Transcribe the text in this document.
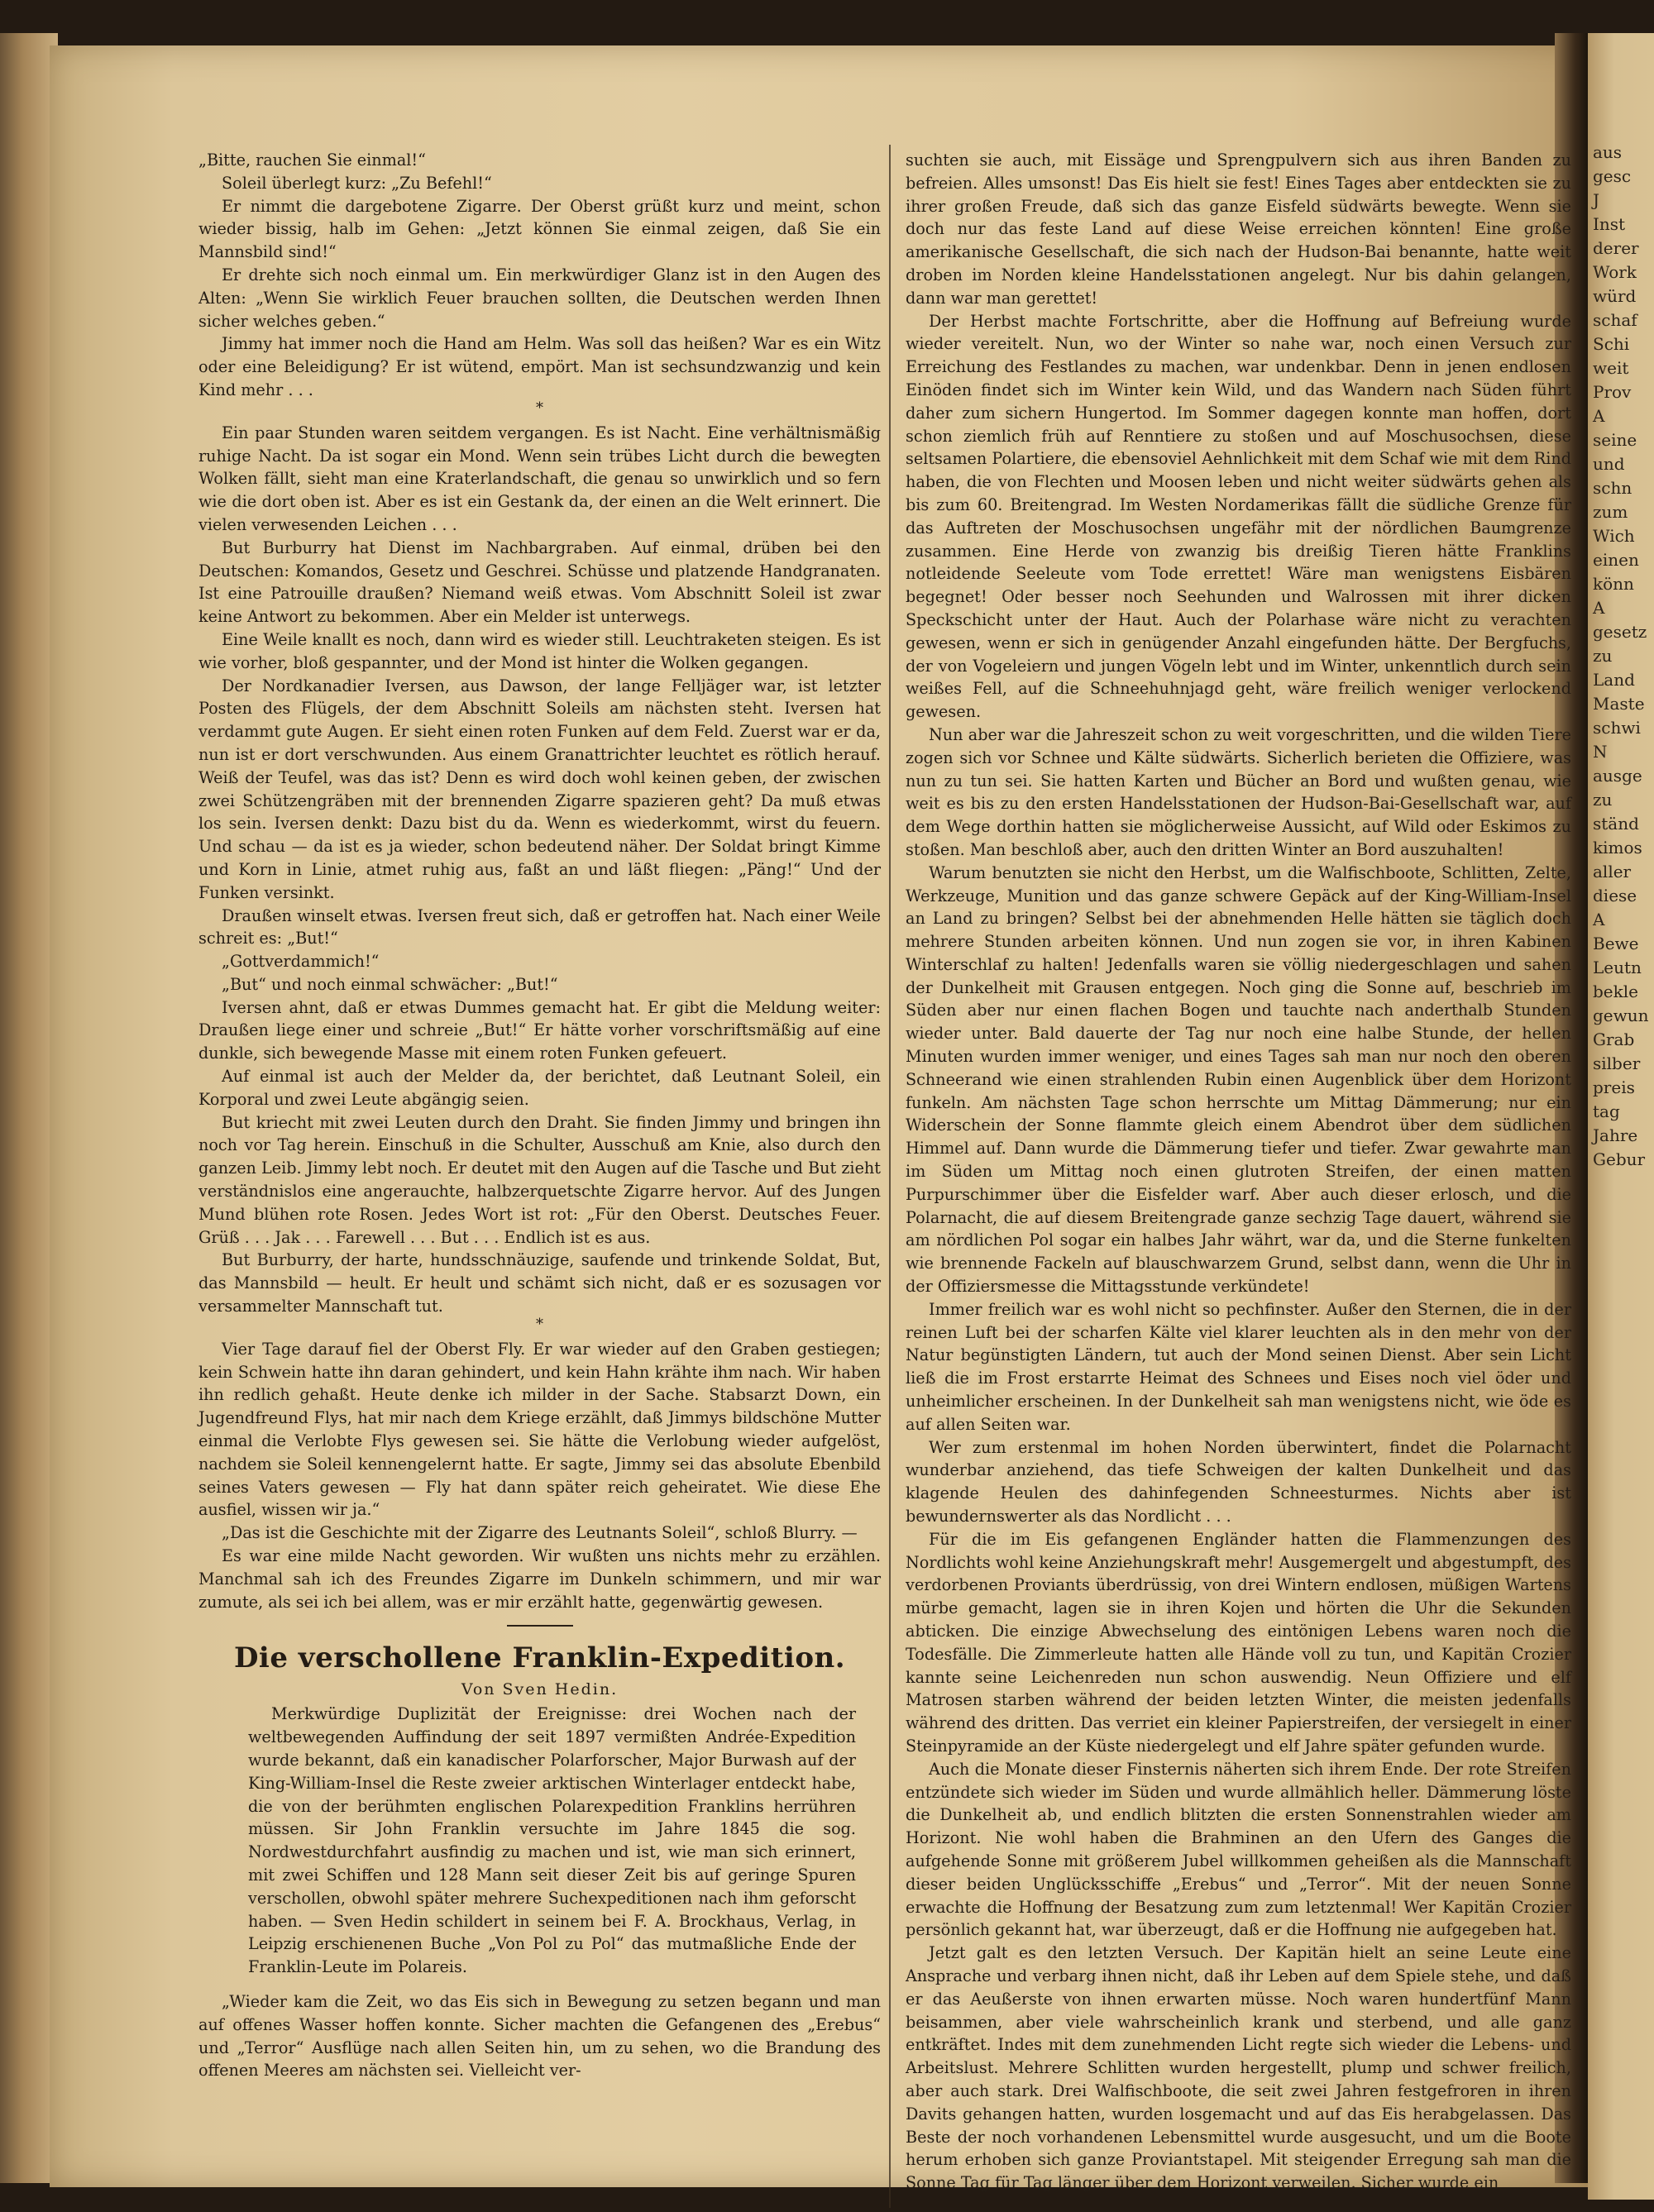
aus
gesc
J
Inst
derer
Work
würd
schaf
Schi
weit
Prov
A
seine
und
schn
zum
Wich
einen
könn
A
gesetz
zu
Land
Maste
schwi
N
ausge
zu
ständ
kimos
aller
diese
A
Bewe
Leutn
bekle
gewun
Grab
silber
preis
tag
Jahre
Gebur

„Bitte, rauchen Sie einmal!“

Soleil überlegt kurz: „Zu Befehl!“

Er nimmt die dargebotene Zigarre. Der Oberst grüßt kurz und meint, schon wieder bissig, halb im Gehen: „Jetzt können Sie einmal zeigen, daß Sie ein Mannsbild sind!“

Er drehte sich noch einmal um. Ein merkwürdiger Glanz ist in den Augen des Alten: „Wenn Sie wirklich Feuer brauchen sollten, die Deutschen werden Ihnen sicher welches geben.“

Jimmy hat immer noch die Hand am Helm. Was soll das heißen? War es ein Witz oder eine Beleidigung? Er ist wütend, empört. Man ist sechsundzwanzig und kein Kind mehr . . .

*

Ein paar Stunden waren seitdem vergangen. Es ist Nacht. Eine verhältnismäßig ruhige Nacht. Da ist sogar ein Mond. Wenn sein trübes Licht durch die bewegten Wolken fällt, sieht man eine Kraterlandschaft, die genau so unwirklich und so fern wie die dort oben ist. Aber es ist ein Gestank da, der einen an die Welt erinnert. Die vielen verwesenden Leichen . . .

But Burburry hat Dienst im Nachbargraben. Auf einmal, drüben bei den Deutschen: Komandos, Gesetz und Geschrei. Schüsse und platzende Handgranaten. Ist eine Patrouille draußen? Niemand weiß etwas. Vom Abschnitt Soleil ist zwar keine Antwort zu bekommen. Aber ein Melder ist unterwegs.

Eine Weile knallt es noch, dann wird es wieder still. Leuchtraketen steigen. Es ist wie vorher, bloß gespannter, und der Mond ist hinter die Wolken gegangen.

Der Nordkanadier Iversen, aus Dawson, der lange Felljäger war, ist letzter Posten des Flügels, der dem Abschnitt Soleils am nächsten steht. Iversen hat verdammt gute Augen. Er sieht einen roten Funken auf dem Feld. Zuerst war er da, nun ist er dort verschwunden. Aus einem Granattrichter leuchtet es rötlich herauf. Weiß der Teufel, was das ist? Denn es wird doch wohl keinen geben, der zwischen zwei Schützengräben mit der brennenden Zigarre spazieren geht? Da muß etwas los sein. Iversen denkt: Dazu bist du da. Wenn es wiederkommt, wirst du feuern. Und schau — da ist es ja wieder, schon bedeutend näher. Der Soldat bringt Kimme und Korn in Linie, atmet ruhig aus, faßt an und läßt fliegen: „Päng!“ Und der Funken versinkt.

Draußen winselt etwas. Iversen freut sich, daß er getroffen hat. Nach einer Weile schreit es: „But!“

„Gottverdammich!“

„But“ und noch einmal schwächer: „But!“

Iversen ahnt, daß er etwas Dummes gemacht hat. Er gibt die Meldung weiter: Draußen liege einer und schreie „But!“ Er hätte vorher vorschriftsmäßig auf eine dunkle, sich bewegende Masse mit einem roten Funken gefeuert.

Auf einmal ist auch der Melder da, der berichtet, daß Leutnant Soleil, ein Korporal und zwei Leute abgängig seien.

But kriecht mit zwei Leuten durch den Draht. Sie finden Jimmy und bringen ihn noch vor Tag herein. Einschuß in die Schulter, Ausschuß am Knie, also durch den ganzen Leib. Jimmy lebt noch. Er deutet mit den Augen auf die Tasche und But zieht verständnislos eine angerauchte, halbzerquetschte Zigarre hervor. Auf des Jungen Mund blühen rote Rosen. Jedes Wort ist rot: „Für den Oberst. Deutsches Feuer. Grüß . . . Jak . . . Farewell . . . But . . . Endlich ist es aus.

But Burburry, der harte, hundsschnäuzige, saufende und trinkende Soldat, But, das Mannsbild — heult. Er heult und schämt sich nicht, daß er es sozusagen vor versammelter Mannschaft tut.

*

Vier Tage darauf fiel der Oberst Fly. Er war wieder auf den Graben gestiegen; kein Schwein hatte ihn daran gehindert, und kein Hahn krähte ihm nach. Wir haben ihn redlich gehaßt. Heute denke ich milder in der Sache. Stabsarzt Down, ein Jugendfreund Flys, hat mir nach dem Kriege erzählt, daß Jimmys bildschöne Mutter einmal die Verlobte Flys gewesen sei. Sie hätte die Verlobung wieder aufgelöst, nachdem sie Soleil kennengelernt hatte. Er sagte, Jimmy sei das absolute Ebenbild seines Vaters gewesen — Fly hat dann später reich geheiratet. Wie diese Ehe ausfiel, wissen wir ja.“

„Das ist die Geschichte mit der Zigarre des Leutnants Soleil“, schloß Blurry. —

Es war eine milde Nacht geworden. Wir wußten uns nichts mehr zu erzählen. Manchmal sah ich des Freundes Zigarre im Dunkeln schimmern, und mir war zumute, als sei ich bei allem, was er mir erzählt hatte, gegenwärtig gewesen.

Die verschollene Franklin-Expedition.
Von Sven Hedin.

Merkwürdige Duplizität der Ereignisse: drei Wochen nach der weltbewegenden Auffindung der seit 1897 vermißten Andrée-Expedition wurde bekannt, daß ein kanadischer Polarforscher, Major Burwash auf der King-William-Insel die Reste zweier arktischen Winterlager entdeckt habe, die von der berühmten englischen Polarexpedition Franklins herrühren müssen. Sir John Franklin versuchte im Jahre 1845 die sog. Nordwestdurchfahrt ausfindig zu machen und ist, wie man sich erinnert, mit zwei Schiffen und 128 Mann seit dieser Zeit bis auf geringe Spuren verschollen, obwohl später mehrere Suchexpeditionen nach ihm geforscht haben. — Sven Hedin schildert in seinem bei F. A. Brockhaus, Verlag, in Leipzig erschienenen Buche „Von Pol zu Pol“ das mutmaßliche Ende der Franklin-Leute im Polareis.

„Wieder kam die Zeit, wo das Eis sich in Bewegung zu setzen begann und man auf offenes Wasser hoffen konnte. Sicher machten die Gefangenen des „Erebus“ und „Terror“ Ausflüge nach allen Seiten hin, um zu sehen, wo die Brandung des offenen Meeres am nächsten sei. Vielleicht ver-

suchten sie auch, mit Eissäge und Sprengpulvern sich aus ihren Banden zu befreien. Alles umsonst! Das Eis hielt sie fest! Eines Tages aber entdeckten sie zu ihrer großen Freude, daß sich das ganze Eisfeld südwärts bewegte. Wenn sie doch nur das feste Land auf diese Weise erreichen könnten! Eine große amerikanische Gesellschaft, die sich nach der Hudson-Bai benannte, hatte weit droben im Norden kleine Handelsstationen angelegt. Nur bis dahin gelangen, dann war man gerettet!

Der Herbst machte Fortschritte, aber die Hoffnung auf Befreiung wurde wieder vereitelt. Nun, wo der Winter so nahe war, noch einen Versuch zur Erreichung des Festlandes zu machen, war undenkbar. Denn in jenen endlosen Einöden findet sich im Winter kein Wild, und das Wandern nach Süden führt daher zum sichern Hungertod. Im Sommer dagegen konnte man hoffen, dort schon ziemlich früh auf Renntiere zu stoßen und auf Moschusochsen, diese seltsamen Polartiere, die ebensoviel Aehnlichkeit mit dem Schaf wie mit dem Rind haben, die von Flechten und Moosen leben und nicht weiter südwärts gehen als bis zum 60. Breitengrad. Im Westen Nordamerikas fällt die südliche Grenze für das Auftreten der Moschusochsen ungefähr mit der nördlichen Baumgrenze zusammen. Eine Herde von zwanzig bis dreißig Tieren hätte Franklins notleidende Seeleute vom Tode errettet! Wäre man wenigstens Eisbären begegnet! Oder besser noch Seehunden und Walrossen mit ihrer dicken Speckschicht unter der Haut. Auch der Polarhase wäre nicht zu verachten gewesen, wenn er sich in genügender Anzahl eingefunden hätte. Der Bergfuchs, der von Vogeleiern und jungen Vögeln lebt und im Winter, unkenntlich durch sein weißes Fell, auf die Schneehuhnjagd geht, wäre freilich weniger verlockend gewesen.

Nun aber war die Jahreszeit schon zu weit vorgeschritten, und die wilden Tiere zogen sich vor Schnee und Kälte südwärts. Sicherlich berieten die Offiziere, was nun zu tun sei. Sie hatten Karten und Bücher an Bord und wußten genau, wie weit es bis zu den ersten Handelsstationen der Hudson-Bai-Gesellschaft war, auf dem Wege dorthin hatten sie möglicherweise Aussicht, auf Wild oder Eskimos zu stoßen. Man beschloß aber, auch den dritten Winter an Bord auszuhalten!

Warum benutzten sie nicht den Herbst, um die Walfischboote, Schlitten, Zelte, Werkzeuge, Munition und das ganze schwere Gepäck auf der King-William-Insel an Land zu bringen? Selbst bei der abnehmenden Helle hätten sie täglich doch mehrere Stunden arbeiten können. Und nun zogen sie vor, in ihren Kabinen Winterschlaf zu halten! Jedenfalls waren sie völlig niedergeschlagen und sahen der Dunkelheit mit Grausen entgegen. Noch ging die Sonne auf, beschrieb im Süden aber nur einen flachen Bogen und tauchte nach anderthalb Stunden wieder unter. Bald dauerte der Tag nur noch eine halbe Stunde, der hellen Minuten wurden immer weniger, und eines Tages sah man nur noch den oberen Schneerand wie einen strahlenden Rubin einen Augenblick über dem Horizont funkeln. Am nächsten Tage schon herrschte um Mittag Dämmerung; nur ein Widerschein der Sonne flammte gleich einem Abendrot über dem südlichen Himmel auf. Dann wurde die Dämmerung tiefer und tiefer. Zwar gewahrte man im Süden um Mittag noch einen glutroten Streifen, der einen matten Purpurschimmer über die Eisfelder warf. Aber auch dieser erlosch, und die Polarnacht, die auf diesem Breitengrade ganze sechzig Tage dauert, während sie am nördlichen Pol sogar ein halbes Jahr währt, war da, und die Sterne funkelten wie brennende Fackeln auf blauschwarzem Grund, selbst dann, wenn die Uhr in der Offiziersmesse die Mittagsstunde verkündete!

Immer freilich war es wohl nicht so pechfinster. Außer den Sternen, die in der reinen Luft bei der scharfen Kälte viel klarer leuchten als in den mehr von der Natur begünstigten Ländern, tut auch der Mond seinen Dienst. Aber sein Licht ließ die im Frost erstarrte Heimat des Schnees und Eises noch viel öder und unheimlicher erscheinen. In der Dunkelheit sah man wenigstens nicht, wie öde es auf allen Seiten war.

Wer zum erstenmal im hohen Norden überwintert, findet die Polarnacht wunderbar anziehend, das tiefe Schweigen der kalten Dunkelheit und das klagende Heulen des dahinfegenden Schneesturmes. Nichts aber ist bewundernswerter als das Nordlicht . . .

Für die im Eis gefangenen Engländer hatten die Flammenzungen des Nordlichts wohl keine Anziehungskraft mehr! Ausgemergelt und abgestumpft, des verdorbenen Proviants überdrüssig, von drei Wintern endlosen, müßigen Wartens mürbe gemacht, lagen sie in ihren Kojen und hörten die Uhr die Sekunden abticken. Die einzige Abwechselung des eintönigen Lebens waren noch die Todesfälle. Die Zimmerleute hatten alle Hände voll zu tun, und Kapitän Crozier kannte seine Leichenreden nun schon auswendig. Neun Offiziere und elf Matrosen starben während der beiden letzten Winter, die meisten jedenfalls während des dritten. Das verriet ein kleiner Papierstreifen, der versiegelt in einer Steinpyramide an der Küste niedergelegt und elf Jahre später gefunden wurde.

Auch die Monate dieser Finsternis näherten sich ihrem Ende. Der rote Streifen entzündete sich wieder im Süden und wurde allmählich heller. Dämmerung löste die Dunkelheit ab, und endlich blitzten die ersten Sonnenstrahlen wieder am Horizont. Nie wohl haben die Brahminen an den Ufern des Ganges die aufgehende Sonne mit größerem Jubel willkommen geheißen als die Mannschaft dieser beiden Unglücksschiffe „Erebus“ und „Terror“. Mit der neuen Sonne erwachte die Hoffnung der Besatzung zum zum letztenmal! Wer Kapitän Crozier persönlich gekannt hat, war überzeugt, daß er die Hoffnung nie aufgegeben hat.

Jetzt galt es den letzten Versuch. Der Kapitän hielt an seine Leute eine Ansprache und verbarg ihnen nicht, daß ihr Leben auf dem Spiele stehe, und daß er das Aeußerste von ihnen erwarten müsse. Noch waren hundertfünf Mann beisammen, aber viele wahrscheinlich krank und sterbend, und alle ganz entkräftet. Indes mit dem zunehmenden Licht regte sich wieder die Lebens- und Arbeitslust. Mehrere Schlitten wurden hergestellt, plump und schwer freilich, aber auch stark. Drei Walfischboote, die seit zwei Jahren festgefroren in ihren Davits gehangen hatten, wurden losgemacht und auf das Eis herabgelassen. Das Beste der noch vorhandenen Lebensmittel wurde ausgesucht, und um die Boote herum erhoben sich ganze Proviantstapel. Mit steigender Erregung sah man die Sonne Tag für Tag länger über dem Horizont verweilen. Sicher wurde ein
